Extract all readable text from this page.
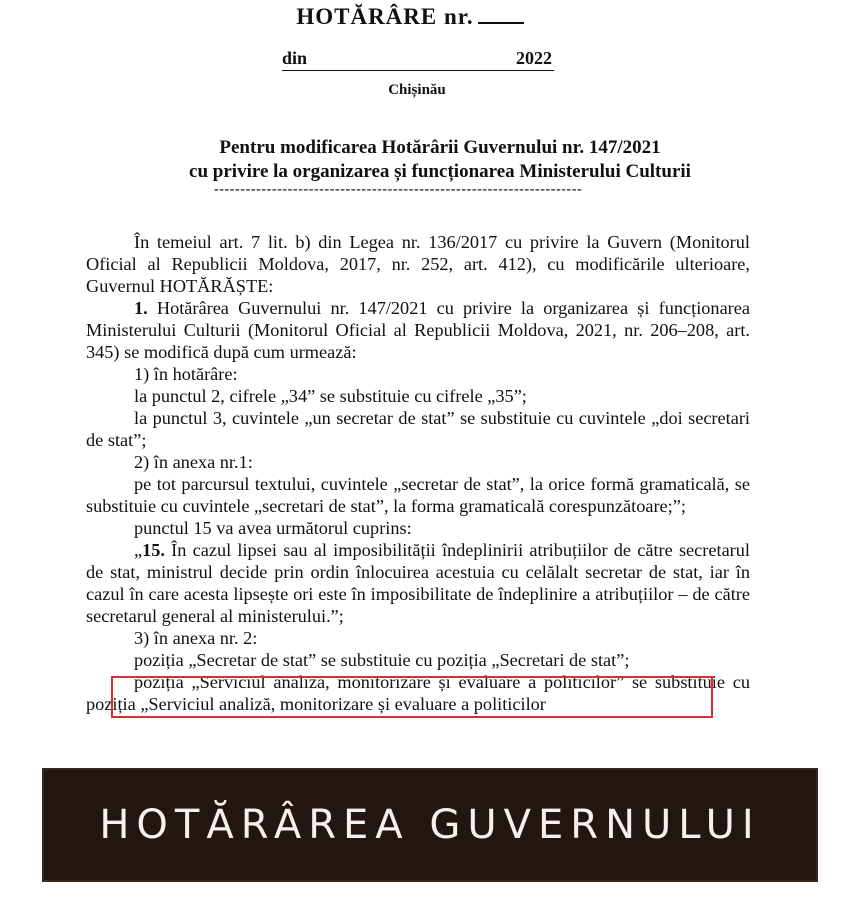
HOTĂRÂRE nr.
din	2022
Chișinău
Pentru modificarea Hotărârii Guvernului nr. 147/2021
cu privire la organizarea și funcționarea Ministerului Culturii
----------------------------------------------------------------------

În temeiul art. 7 lit. b) din Legea nr. 136/2017 cu privire la Guvern (Monitorul Oficial al Republicii Moldova, 2017, nr. 252, art. 412), cu modificările ulterioare, Guvernul HOTĂRĂȘTE:

1. Hotărârea Guvernului nr. 147/2021 cu privire la organizarea și funcționarea Ministerului Culturii (Monitorul Oficial al Republicii Moldova, 2021, nr. 206–208, art. 345) se modifică după cum urmează:

1) în hotărâre:

la punctul 2, cifrele „34” se substituie cu cifrele „35”;

la punctul 3, cuvintele „un secretar de stat” se substituie cu cuvintele „doi secretari de stat”;

2) în anexa nr.1:

pe tot parcursul textului, cuvintele „secretar de stat”, la orice formă gramaticală, se substituie cu cuvintele „secretari de stat”, la forma gramaticală corespunzătoare;”;

punctul 15 va avea următorul cuprins:

„15. În cazul lipsei sau al imposibilității îndeplinirii atribuțiilor de către secretarul de stat, ministrul decide prin ordin înlocuirea acestuia cu celălalt secretar de stat, iar în cazul în care acesta lipsește ori este în imposibilitate de îndeplinire a atribuțiilor – de către secretarul general al ministerului.”;

3) în anexa nr. 2:

poziția „Secretar de stat” se substituie cu poziția „Secretari de stat”;

poziția „Serviciul analiză, monitorizare și evaluare a politicilor” se substituie cu poziția „Serviciul analiză, monitorizare și evaluare a politicilor

HOTĂRÂREA GUVERNULUI
